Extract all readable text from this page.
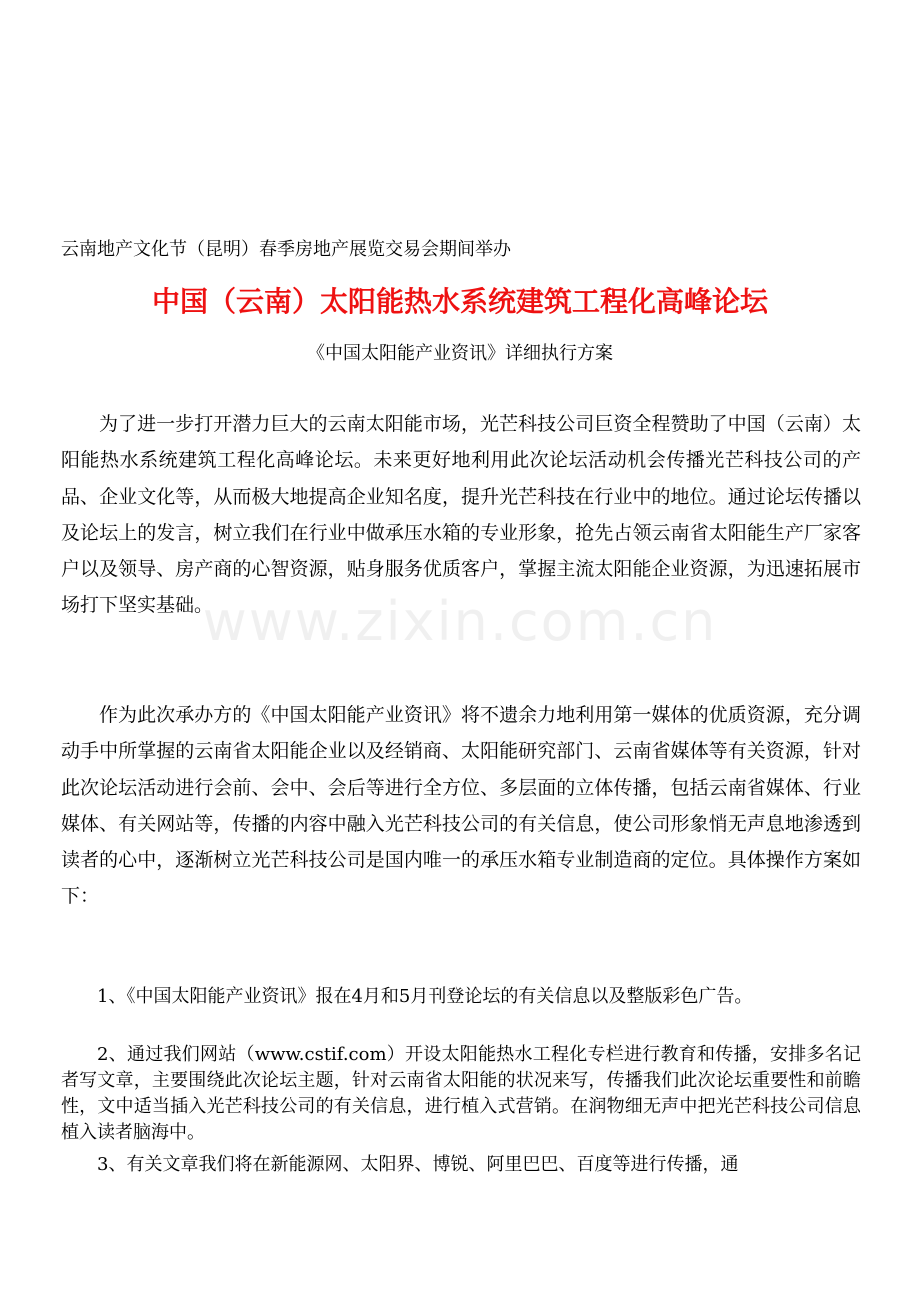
www.zixin.com.cn
云南地产文化节（昆明）春季房地产展览交易会期间举办
中国（云南）太阳能热水系统建筑工程化高峰论坛
《中国太阳能产业资讯》详细执行方案

为了进一步打开潜力巨大的云南太阳能市场，光芒科技公司巨资全程赞助了中国（云南）太阳能热水系统建筑工程化高峰论坛。未来更好地利用此次论坛活动机会传播光芒科技公司的产品、企业文化等，从而极大地提高企业知名度，提升光芒科技在行业中的地位。通过论坛传播以及论坛上的发言，树立我们在行业中做承压水箱的专业形象，抢先占领云南省太阳能生产厂家客户以及领导、房产商的心智资源，贴身服务优质客户，掌握主流太阳能企业资源，为迅速拓展市场打下坚实基础。

作为此次承办方的《中国太阳能产业资讯》将不遗余力地利用第一媒体的优质资源，充分调动手中所掌握的云南省太阳能企业以及经销商、太阳能研究部门、云南省媒体等有关资源，针对此次论坛活动进行会前、会中、会后等进行全方位、多层面的立体传播，包括云南省媒体、行业媒体、有关网站等，传播的内容中融入光芒科技公司的有关信息，使公司形象悄无声息地渗透到读者的心中，逐渐树立光芒科技公司是国内唯一的承压水箱专业制造商的定位。具体操作方案如下：

1、《中国太阳能产业资讯》报在4月和5月刊登论坛的有关信息以及整版彩色广告。

2、通过我们网站（www.cstif.com）开设太阳能热水工程化专栏进行教育和传播，安排多名记者写文章，主要围绕此次论坛主题，针对云南省太阳能的状况来写，传播我们此次论坛重要性和前瞻性，文中适当插入光芒科技公司的有关信息，进行植入式营销。在润物细无声中把光芒科技公司信息植入读者脑海中。

3、有关文章我们将在新能源网、太阳界、博锐、阿里巴巴、百度等进行传播，通
